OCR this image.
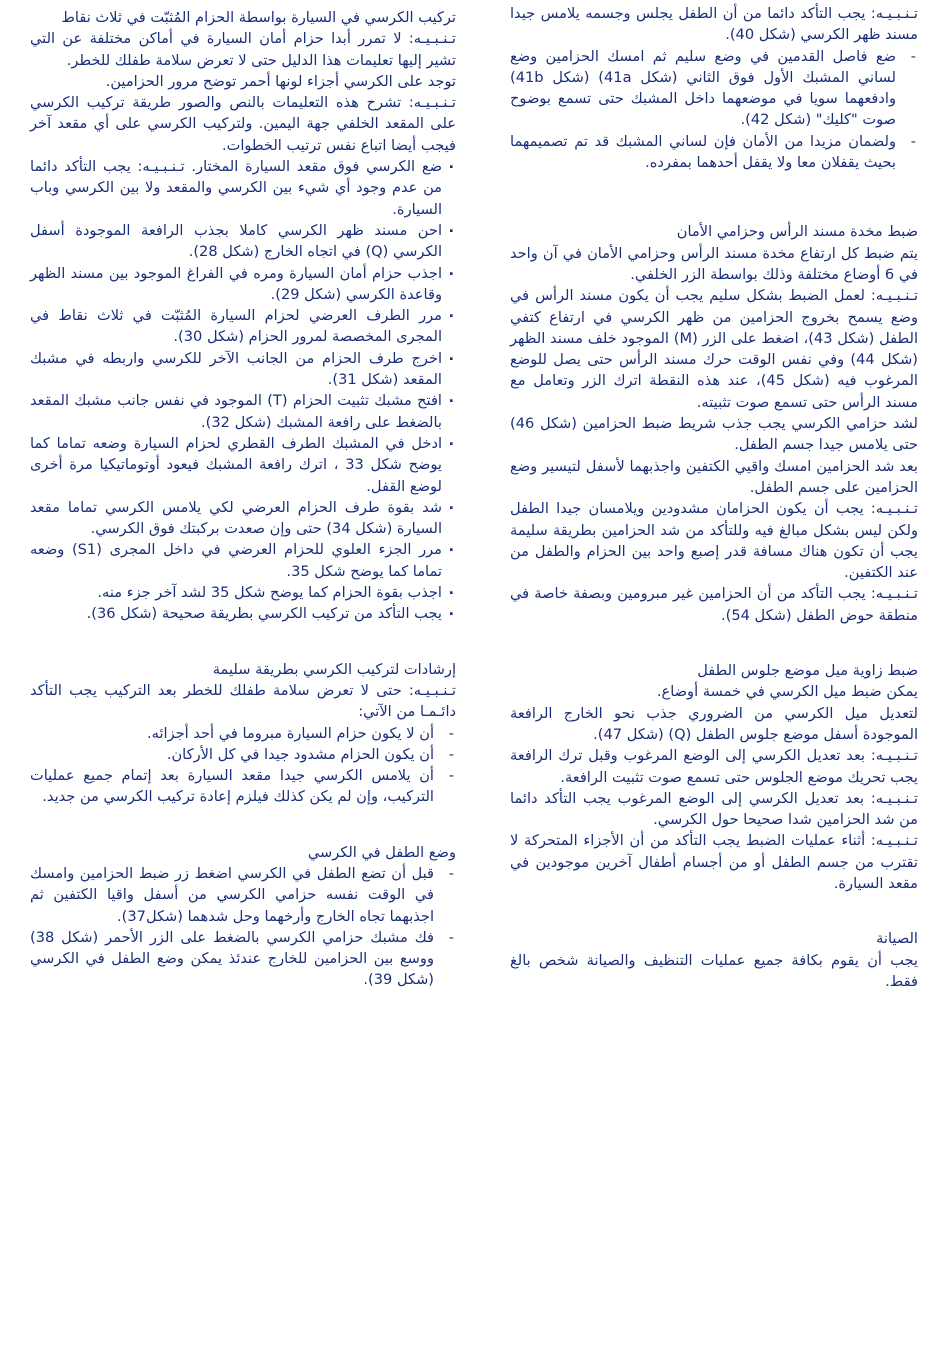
تـنـبـيـه: يجب التأكد دائما من أن الطفل يجلس وجسمه يلامس جيدا مسند ظهر الكرسي (شكل 40).

- ضع فاصل القدمين في وضع سليم ثم امسك الحزامين وضع لساني المشبك الأول فوق الثاني (شكل 41a) (شكل 41b) وادفعهما سويا في موضعهما داخل المشبك حتى تسمع بوضوح صوت "كليك" (شكل 42).
- ولضمان مزيدا من الأمان فإن لساني المشبك قد تم تصميمهما بحيث يقفلان معا ولا يقفل أحدهما بمفرده.
ضبط مخدة مسند الرأس وحزامي الأمان

يتم ضبط كل ارتفاع مخدة مسند الرأس وحزامي الأمان في آن واحد في 6 أوضاع مختلفة وذلك بواسطة الزر الخلفي.

تـنـبـيـه: لعمل الضبط بشكل سليم يجب أن يكون مسند الرأس في وضع يسمح بخروج الحزامين من ظهر الكرسي في ارتفاع كتفي الطفل (شكل 43)، اضغط على الزر (M) الموجود خلف مسند الظهر (شكل 44) وفي نفس الوقت حرك مسند الرأس حتى يصل للوضع المرغوب فيه (شكل 45)، عند هذه النقطة اترك الزر وتعامل مع مسند الرأس حتى تسمع صوت تثبيته.

لشد حزامي الكرسي يجب جذب شريط ضبط الحزامين (شكل 46) حتى يلامس جيدا جسم الطفل.

بعد شد الحزامين امسك واقيي الكتفين واجذبهما لأسفل لتيسير وضع الحزامين على جسم الطفل.

تـنـبـيـه: يجب أن يكون الحزامان مشدودين ويلامسان جيدا الطفل ولكن ليس بشكل مبالغ فيه وللتأكد من شد الحزامين بطريقة سليمة يجب أن تكون هناك مسافة قدر إصبع واحد بين الحزام والطفل من عند الكتفين.

تـنـبـيـه: يجب التأكد من أن الحزامين غير مبرومين وبصفة خاصة في منطقة حوض الطفل (شكل 54).

ضبط زاوية ميل موضع جلوس الطفل

يمكن ضبط ميل الكرسي في خمسة أوضاع.

لتعديل ميل الكرسي من الضروري جذب نحو الخارج الرافعة الموجودة أسفل موضع جلوس الطفل (Q) (شكل 47).

تـنـبـيـه: بعد تعديل الكرسي إلى الوضع المرغوب وقبل ترك الرافعة يجب تحريك موضع الجلوس حتى تسمع صوت تثبيت الرافعة.

تـنـبـيـه: بعد تعديل الكرسي إلى الوضع المرغوب يجب التأكد دائما من شد الحزامين شدا صحيحا حول الكرسي.

تـنـبـيـه: أثناء عمليات الضبط يجب التأكد من أن الأجزاء المتحركة لا تقترب من جسم الطفل أو من أجسام أطفال آخرين موجودين في مقعد السيارة.

الصيانة

يجب أن يقوم بكافة جميع عمليات التنظيف والصيانة شخص بالغ فقط.

تركيب الكرسي في السيارة بواسطة الحزام المُثبّت في ثلاث نقاط

تـنـبـيـه: لا تمرر أبدا حزام أمان السيارة في أماكن مختلفة عن التي تشير إليها تعليمات هذا الدليل حتى لا تعرض سلامة طفلك للخطر.

توجد على الكرسي أجزاء لونها أحمر توضح مرور الحزامين.

تـنـبـيـه: تشرح هذه التعليمات بالنص والصور طريقة تركيب الكرسي على المقعد الخلفي جهة اليمين. ولتركيب الكرسي على أي مقعد آخر فيجب أيضا اتباع نفس ترتيب الخطوات.

. ضع الكرسي فوق مقعد السيارة المختار. تـنـبـيـه: يجب التأكد دائما من عدم وجود أي شيء بين الكرسي والمقعد ولا بين الكرسي وباب السيارة.
. احن مسند ظهر الكرسي كاملا بجذب الرافعة الموجودة أسفل الكرسي (Q) في اتجاه الخارج (شكل 28).
. اجذب حزام أمان السيارة ومره في الفراغ الموجود بين مسند الظهر وقاعدة الكرسي (شكل 29).
. مرر الطرف العرضي لحزام السيارة المُثبّت في ثلاث نقاط في المجرى المخصصة لمرور الحزام (شكل 30).
. اخرج طرف الحزام من الجانب الآخر للكرسي واربطه في مشبك المقعد (شكل 31).
. افتح مشبك تثبيت الحزام (T) الموجود في نفس جانب مشبك المقعد بالضغط على رافعة المشبك (شكل 32).
. ادخل في المشبك الطرف القطري لحزام السيارة وضعه تماما كما يوضح شكل 33 ، اترك رافعة المشبك فيعود أوتوماتيكيا مرة أخرى لوضع القفل.
. شد بقوة طرف الحزام العرضي لكي يلامس الكرسي تماما مقعد السيارة (شكل 34) حتى وإن صعدت بركبتك فوق الكرسي.
. مرر الجزء العلوي للحزام العرضي في داخل المجرى (S1) وضعه تماما كما يوضح شكل 35.
. اجذب بقوة الحزام كما يوضح شكل 35 لشد آخر جزء منه.
. يجب التأكد من تركيب الكرسي بطريقة صحيحة (شكل 36).
إرشادات لتركيب الكرسي بطريقة سليمة

تـنـبـيـه: حتى لا تعرض سلامة طفلك للخطر بعد التركيب يجب التأكد دائـمـا من الآتي:

- أن لا يكون حزام السيارة مبروما في أحد أجزائه.
- أن يكون الحزام مشدود جيدا في كل الأركان.
- أن يلامس الكرسي جيدا مقعد السيارة بعد إتمام جميع عمليات التركيب، وإن لم يكن كذلك فيلزم إعادة تركيب الكرسي من جديد.
وضع الطفل في الكرسي
- قبل أن تضع الطفل في الكرسي اضغط زر ضبط الحزامين وامسك في الوقت نفسه حزامي الكرسي من أسفل واقيا الكتفين ثم اجذبهما تجاه الخارج وأرخهما وحل شدهما (شكل37).
- فك مشبك حزامي الكرسي بالضغط على الزر الأحمر (شكل 38) ووسع بين الحزامين للخارج عندئذ يمكن وضع الطفل في الكرسي (شكل 39).
